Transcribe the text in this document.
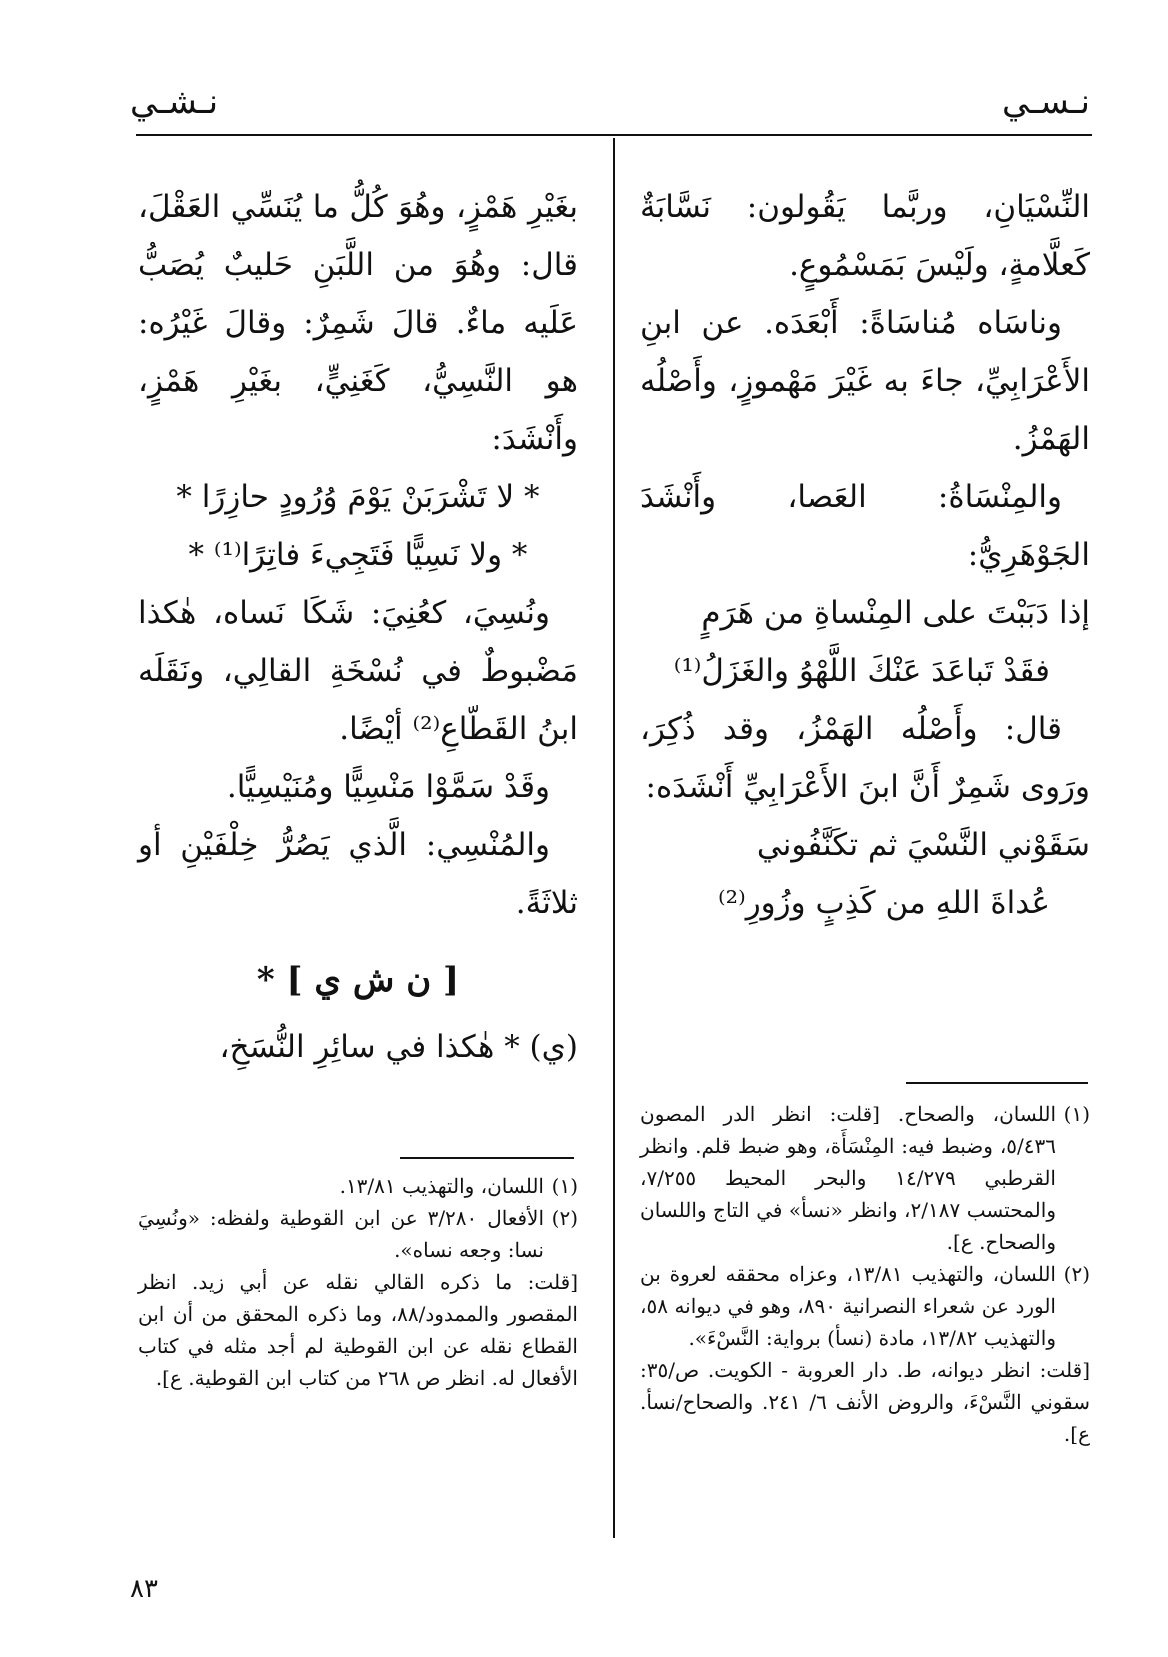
نـسـي
نـشـي

النِّسْيَانِ، وربَّما يَقُولون: نَسَّابَةٌ كَعلَّامةٍ، ولَيْسَ بَمَسْمُوعٍ.

وناسَاه مُناسَاةً: أَبْعَدَه. عن ابنِ الأَعْرَابِيِّ، جاءَ به غَيْرَ مَهْموزٍ، وأَصْلُه الهَمْزُ.

والمِنْسَاةُ: العَصا، وأَنْشَدَ الجَوْهَرِيُّ:

إذا دَبَبْتَ على المِنْساةِ من هَرَمٍ
فقَدْ تَباعَدَ عَنْكَ اللَّهْوُ والغَزَلُ⁽¹⁾

قال: وأَصْلُه الهَمْزُ، وقد ذُكِرَ، ورَوى شَمِرٌ أَنَّ ابنَ الأَعْرَابِيِّ أَنْشَدَه:

سَقَوْني النَّسْيَ ثم تكَنَّفُوني
عُداةَ اللهِ من كَذِبٍ وزُورِ⁽²⁾

بغَيْرِ هَمْزٍ، وهُوَ كُلُّ ما يُنَسِّي العَقْلَ، قال: وهُوَ من اللَّبَنِ حَليبٌ يُصَبُّ عَلَيه ماءٌ. قالَ شَمِرٌ: وقالَ غَيْرُه: هو النَّسِيُّ، كَغَنِيٍّ، بغَيْرِ هَمْزٍ، وأَنْشَدَ:

* لا تَشْرَبَنْ يَوْمَ وُرُودٍ حازِرًا *
* ولا نَسِيًّا فَتَجِيءَ فاتِرًا⁽¹⁾ *

ونُسِيَ، كعُنِيَ: شَكَا نَساه، هٰكذا مَضْبوطٌ في نُسْخَةِ القالِي، ونَقَلَه ابنُ القَطّاعِ⁽²⁾ أيْضًا.

وقَدْ سَمَّوْا مَنْسِيًّا ومُنَيْسِيًّا.

والمُنْسِي: الَّذي يَصُرُّ خِلْفَيْنِ أو ثلاثَةً.

[ ن ش ي ] *

(ي) * هٰكذا في سائِرِ النُّسَخِ،

(١)
اللسان، والصحاح. [قلت: انظر الدر المصون ٥/٤٣٦، وضبط فيه: المِنْسَأَة، وهو ضبط قلم. وانظر القرطبي ١٤/٢٧٩ والبحر المحيط ٧/٢٥٥، والمحتسب ٢/١٨٧، وانظر «نسأ» في التاج واللسان والصحاح. ع].

(٢)
اللسان، والتهذيب ١٣/٨١، وعزاه محققه لعروة بن الورد عن شعراء النصرانية ٨٩٠، وهو في ديوانه ٥٨، والتهذيب ١٣/٨٢، مادة (نسأ) برواية: النَّسْءَ».

[قلت: انظر ديوانه، ط. دار العروبة - الكويت. ص/٣٥: سقوني النَّسْءَ، والروض الأنف ٦/ ٢٤١. والصحاح/نسأ. ع].

(١)
اللسان، والتهذيب ١٣/٨١.

(٢)
الأفعال ٣/٢٨٠ عن ابن القوطية ولفظه: «ونُسِيَ نسا: وجعه نساه».

[قلت: ما ذكره القالي نقله عن أبي زيد. انظر المقصور والممدود/٨٨، وما ذكره المحقق من أن ابن القطاع نقله عن ابن القوطية لم أجد مثله في كتاب الأفعال له. انظر ص ٢٦٨ من كتاب ابن القوطية. ع].

٨٣
